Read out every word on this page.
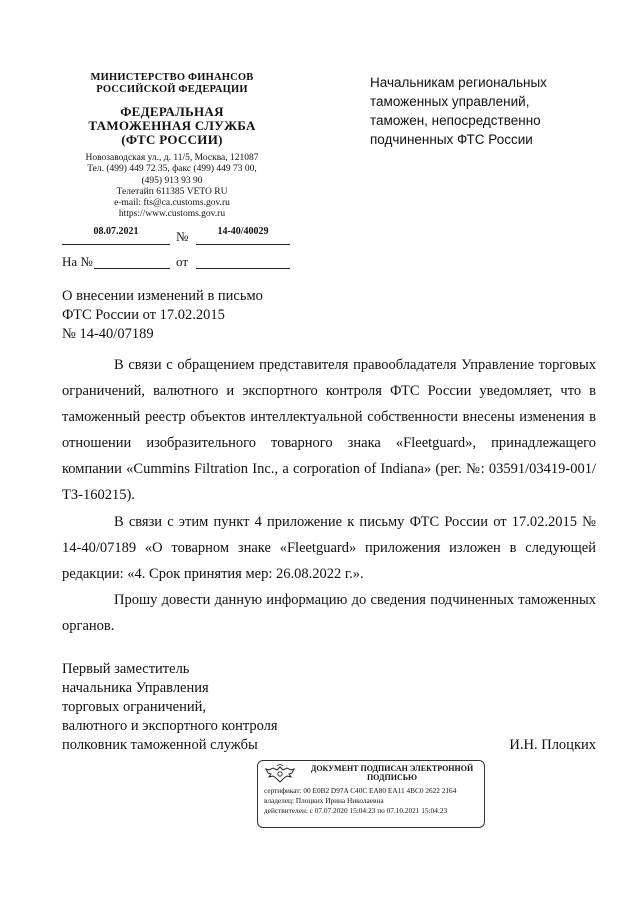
МИНИСТЕРСТВО ФИНАНСОВ
РОССИЙСКОЙ ФЕДЕРАЦИИ
ФЕДЕРАЛЬНАЯ
ТАМОЖЕННАЯ СЛУЖБА
(ФТС РОССИИ)
Новозаводская ул., д. 11/5, Москва, 121087
Тел. (499) 449 72 35, факс (499) 449 73 00,
(495) 913 93 90
Телетайп 611385 VETO RU
e-mail: fts@ca.customs.gov.ru
https://www.customs.gov.ru
08.07.2021	№	14-40/40029
На №	от
Начальникам региональных
таможенных управлений,
таможен, непосредственно
подчиненных ФТС России
О внесении изменений в письмо
ФТС России от 17.02.2015
№ 14-40/07189
В связи с обращением представителя правообладателя Управление торговых ограничений, валютного и экспортного контроля ФТС России уведомляет, что в таможенный реестр объектов интеллектуальной собственности внесены изменения в отношении изобразительного товарного знака «Fleetguard», принадлежащего компании «Cummins Filtration Inc., a corporation of Indiana» (рег. №: 03591/03419-001/ТЗ-160215).
В связи с этим пункт 4 приложение к письму ФТС России от 17.02.2015 № 14-40/07189 «О товарном знаке «Fleetguard» приложения изложен в следующей редакции: «4. Срок принятия мер: 26.08.2022 г.».
Прошу довести данную информацию до сведения подчиненных таможенных органов.
Первый заместитель
начальника Управления
торговых ограничений,
валютного и экспортного контроля
полковник таможенной службы	И.Н. Плоцких
ДОКУМЕНТ ПОДПИСАН ЭЛЕКТРОННОЙ ПОДПИСЬЮ
сертификат: 00 E0B2 D97A C40C EA80 EA11 4BC0 2622 2164
владелец: Плоцких Ирина Николаевна
действителен: с 07.07.2020 15:04:23 по 07.10.2021 15:04:23
